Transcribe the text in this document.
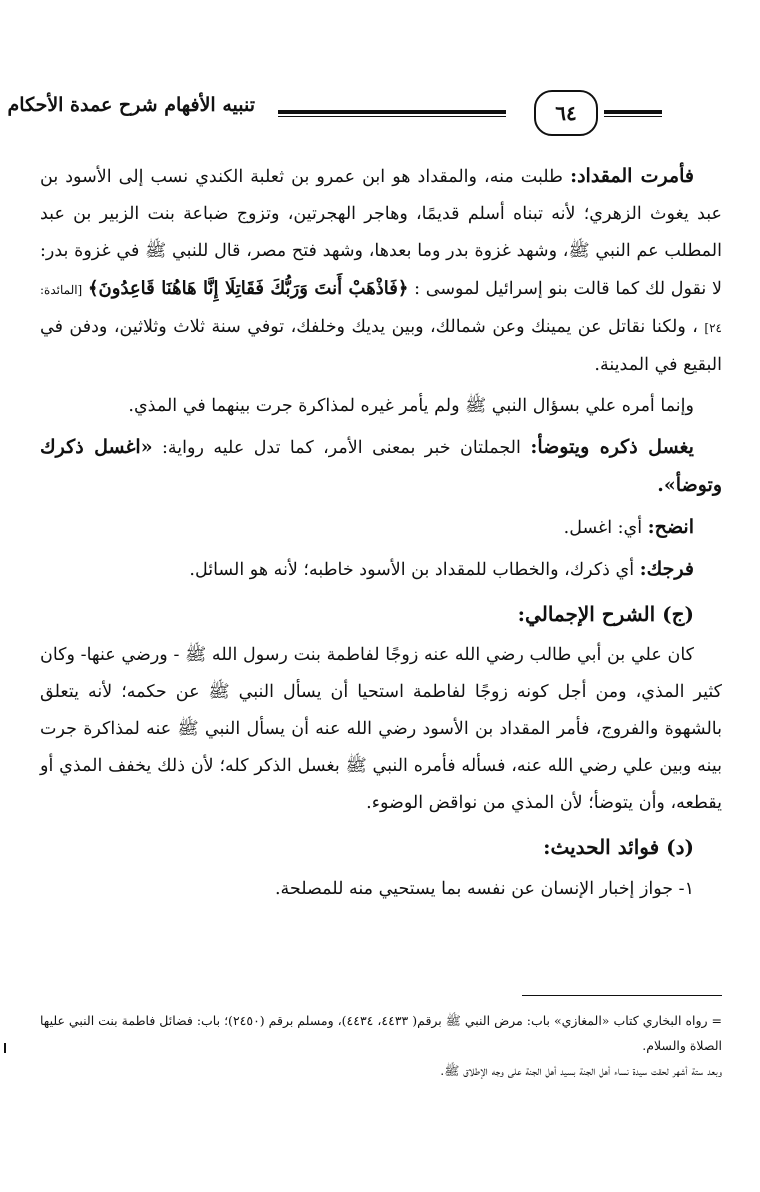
٦٤
تنبيه الأفهام شرح عمدة الأحكام

فأمرت المقداد: طلبت منه، والمقداد هو ابن عمرو بن ثعلبة الكندي نسب إلى الأسود بن عبد يغوث الزهري؛ لأنه تبناه أسلم قديمًا، وهاجر الهجرتين، وتزوج ضباعة بنت الزبير بن عبد المطلب عم النبي ﷺ، وشهد غزوة بدر وما بعدها، وشهد فتح مصر، قال للنبي ﷺ في غزوة بدر: لا نقول لك كما قالت بنو إسرائيل لموسى : ﴿فَاذْهَبْ أَنتَ وَرَبُّكَ فَقَاتِلَا إِنَّا هَاهُنَا قَاعِدُونَ﴾ [المائدة: ٢٤] ، ولكنا نقاتل عن يمينك وعن شمالك، وبين يديك وخلفك، توفي سنة ثلاث وثلاثين، ودفن في البقيع في المدينة.

وإنما أمره علي بسؤال النبي ﷺ ولم يأمر غيره لمذاكرة جرت بينهما في المذي.

يغسل ذكره ويتوضأ: الجملتان خبر بمعنى الأمر، كما تدل عليه رواية: «اغسل ذكرك وتوضأ».

انضح: أي: اغسل.

فرجك: أي ذكرك، والخطاب للمقداد بن الأسود خاطبه؛ لأنه هو السائل.

(ج) الشرح الإجمالي:

كان علي بن أبي طالب رضي الله عنه زوجًا لفاطمة بنت رسول الله ﷺ - ورضي عنها- وكان كثير المذي، ومن أجل كونه زوجًا لفاطمة استحيا أن يسأل النبي ﷺ عن حكمه؛ لأنه يتعلق بالشهوة والفروج، فأمر المقداد بن الأسود رضي الله عنه أن يسأل النبي ﷺ عنه لمذاكرة جرت بينه وبين علي رضي الله عنه، فسأله فأمره النبي ﷺ بغسل الذكر كله؛ لأن ذلك يخفف المذي أو يقطعه، وأن يتوضأ؛ لأن المذي من نواقض الوضوء.

(د) فوائد الحديث:
١- جواز إخبار الإنسان عن نفسه بما يستحيي منه للمصلحة.

= رواه البخاري كتاب «المغازي» باب: مرض النبي ﷺ برقم( ٤٤٣٣، ٤٤٣٤)، ومسلم برقم (٢٤٥٠)؛ باب: فضائل فاطمة بنت النبي عليها الصلاة والسلام.

وبعد ستة أشهر لحقت سيدة نساء أهل الجنة بسيد أهل الجنة على وجه الإطلاق ﷺ.
